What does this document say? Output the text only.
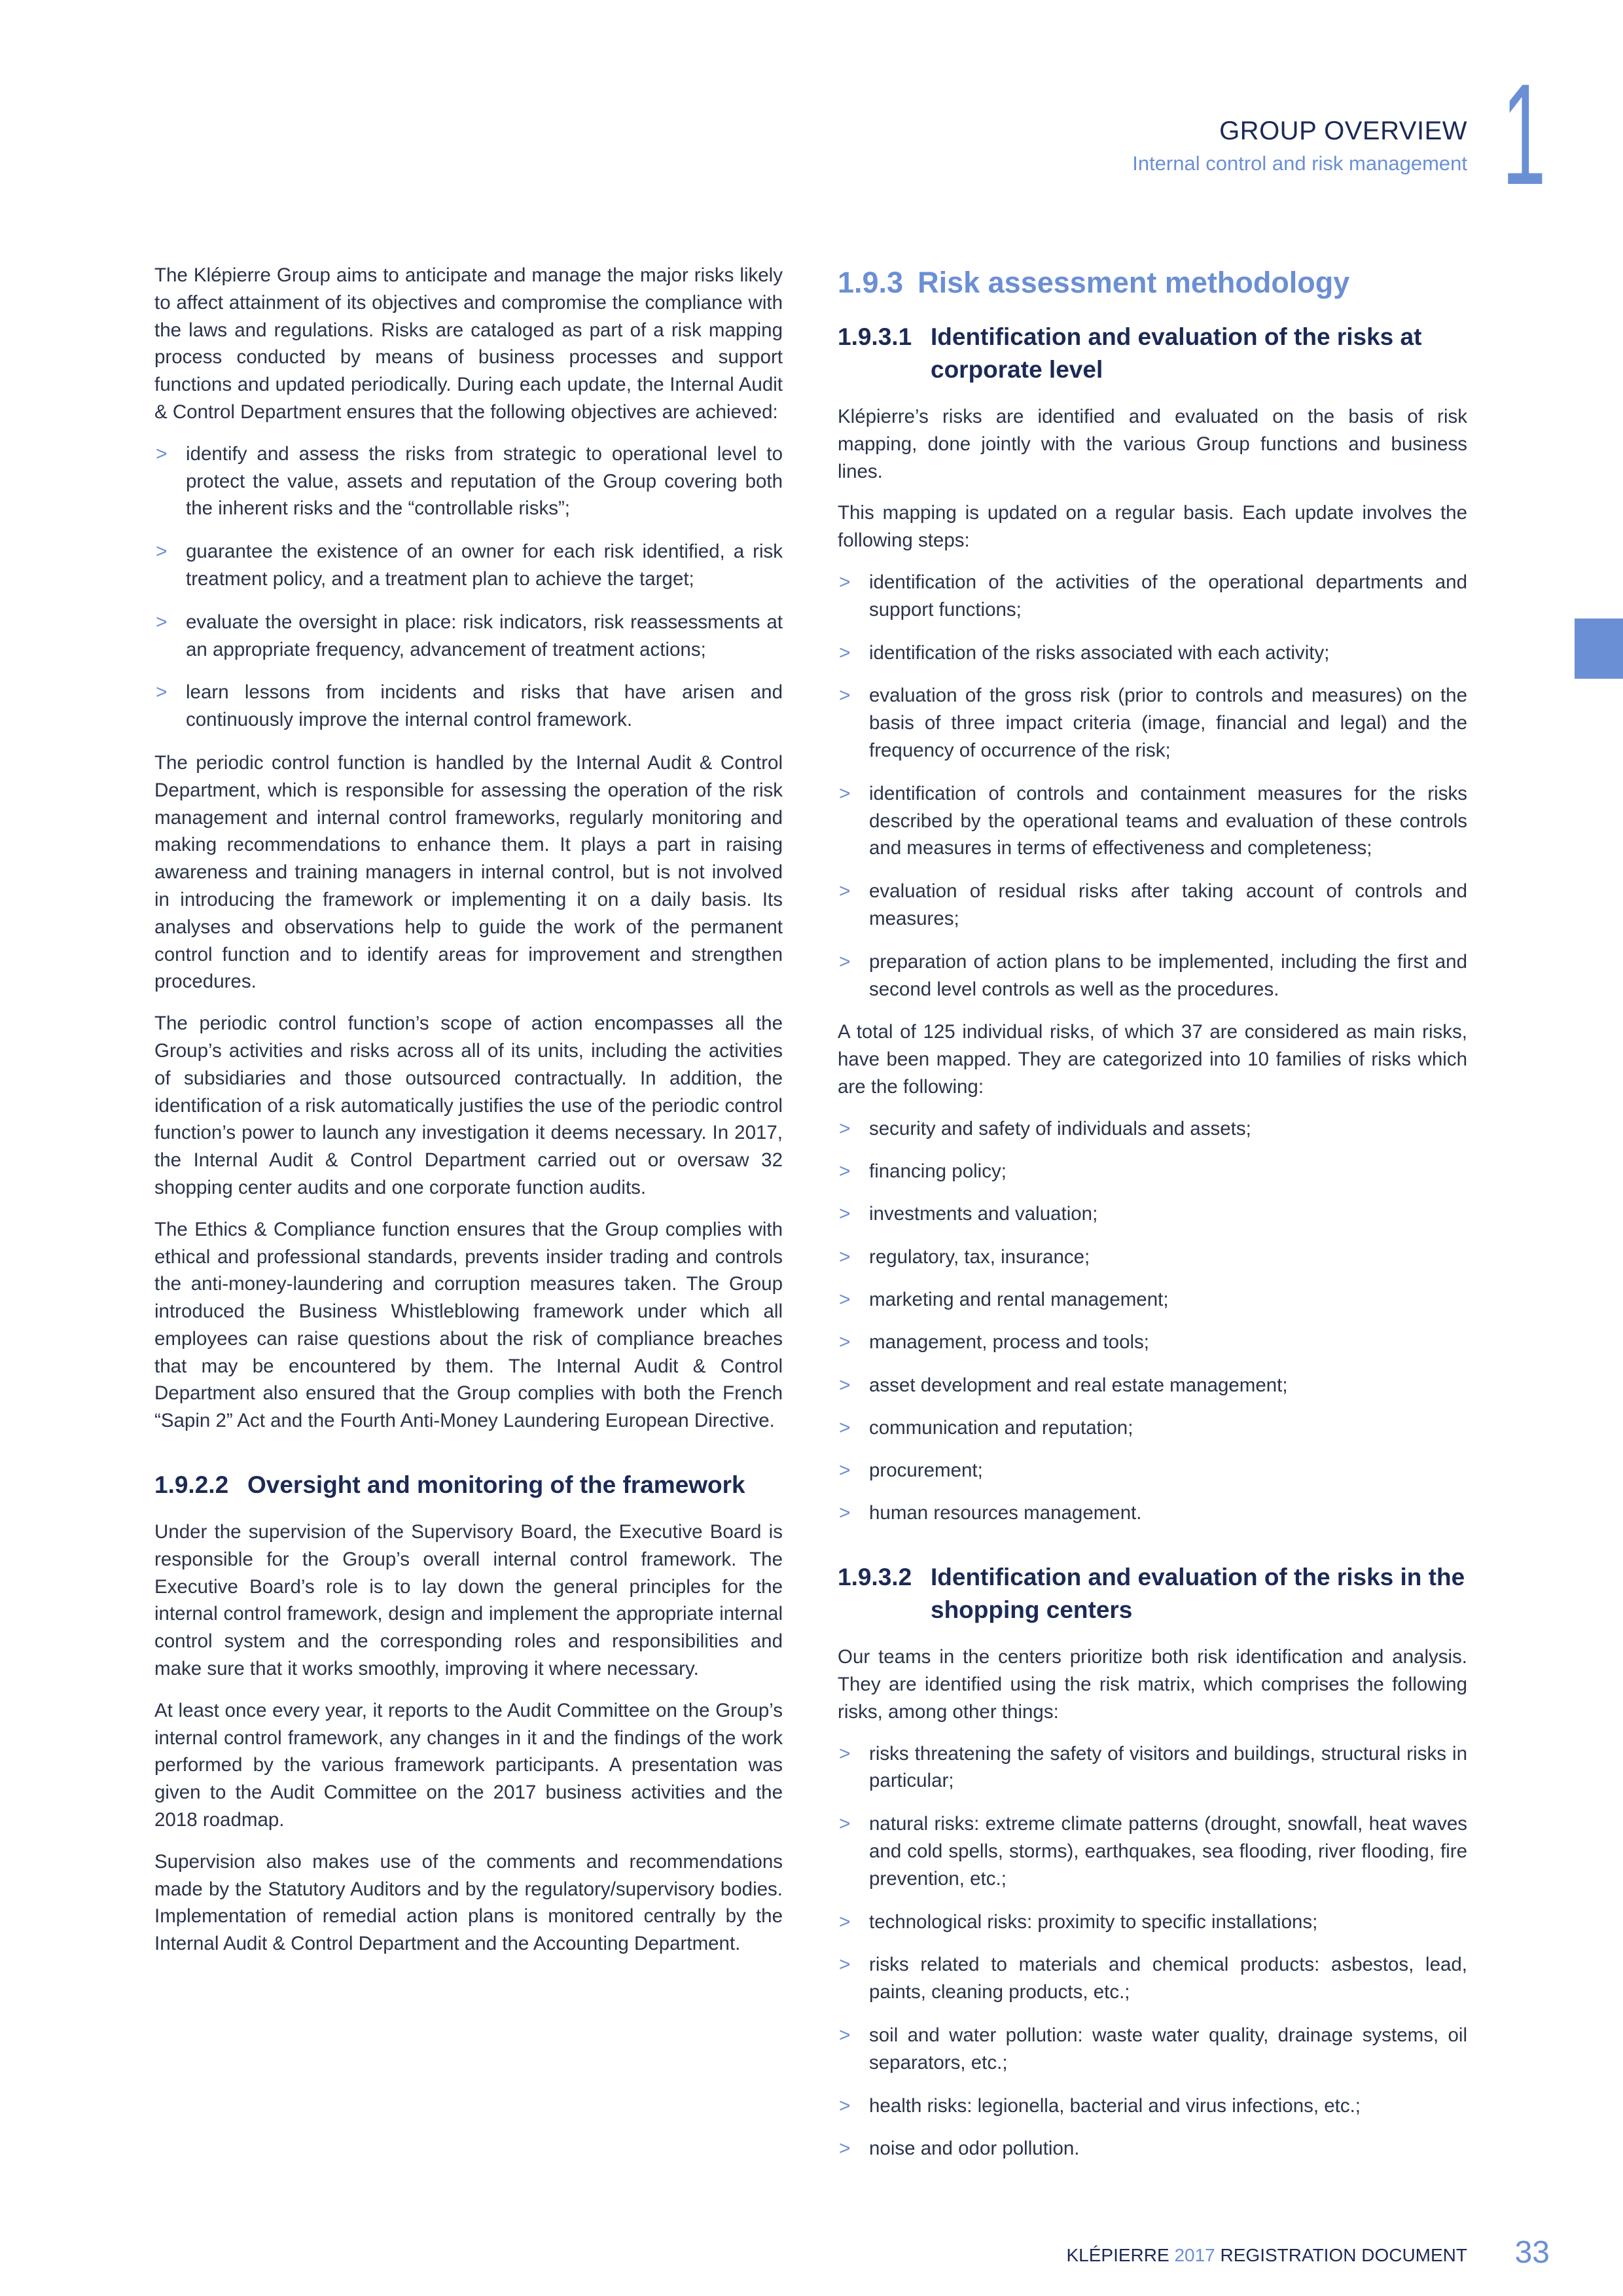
GROUP OVERVIEW
Internal control and risk management 1

The Klépierre Group aims to anticipate and manage the major risks likely to affect attainment of its objectives and compromise the compliance with the laws and regulations. Risks are cataloged as part of a risk mapping process conducted by means of business processes and support functions and updated periodically. During each update, the Internal Audit & Control Department ensures that the following objectives are achieved:

> identify and assess the risks from strategic to operational level to protect the value, assets and reputation of the Group covering both the inherent risks and the “controllable risks”;
> guarantee the existence of an owner for each risk identified, a risk treatment policy, and a treatment plan to achieve the target;
> evaluate the oversight in place: risk indicators, risk reassessments at an appropriate frequency, advancement of treatment actions;
> learn lessons from incidents and risks that have arisen and continuously improve the internal control framework.

The periodic control function is handled by the Internal Audit & Control Department, which is responsible for assessing the operation of the risk management and internal control frameworks, regularly monitoring and making recommendations to enhance them. It plays a part in raising awareness and training managers in internal control, but is not involved in introducing the framework or implementing it on a daily basis. Its analyses and observations help to guide the work of the permanent control function and to identify areas for improvement and strengthen procedures.

The periodic control function’s scope of action encompasses all the Group’s activities and risks across all of its units, including the activities of subsidiaries and those outsourced contractually. In addition, the identification of a risk automatically justifies the use of the periodic control function’s power to launch any investigation it deems necessary. In 2017, the Internal Audit & Control Department carried out or oversaw 32 shopping center audits and one corporate function audits.

The Ethics & Compliance function ensures that the Group complies with ethical and professional standards, prevents insider trading and controls the anti-money-laundering and corruption measures taken. The Group introduced the Business Whistleblowing framework under which all employees can raise questions about the risk of compliance breaches that may be encountered by them. The Internal Audit & Control Department also ensured that the Group complies with both the French “Sapin 2” Act and the Fourth Anti-Money Laundering European Directive.

1.9.2.2 Oversight and monitoring of the framework

Under the supervision of the Supervisory Board, the Executive Board is responsible for the Group’s overall internal control framework. The Executive Board’s role is to lay down the general principles for the internal control framework, design and implement the appropriate internal control system and the corresponding roles and responsibilities and make sure that it works smoothly, improving it where necessary.

At least once every year, it reports to the Audit Committee on the Group’s internal control framework, any changes in it and the findings of the work performed by the various framework participants. A presentation was given to the Audit Committee on the 2017 business activities and the 2018 roadmap.

Supervision also makes use of the comments and recommendations made by the Statutory Auditors and by the regulatory/supervisory bodies. Implementation of remedial action plans is monitored centrally by the Internal Audit & Control Department and the Accounting Department.

1.9.3 Risk assessment methodology
1.9.3.1 Identification and evaluation of the risks at corporate level

Klépierre’s risks are identified and evaluated on the basis of risk mapping, done jointly with the various Group functions and business lines.

This mapping is updated on a regular basis. Each update involves the following steps:

> identification of the activities of the operational departments and support functions;
> identification of the risks associated with each activity;
> evaluation of the gross risk (prior to controls and measures) on the basis of three impact criteria (image, financial and legal) and the frequency of occurrence of the risk;
> identification of controls and containment measures for the risks described by the operational teams and evaluation of these controls and measures in terms of effectiveness and completeness;
> evaluation of residual risks after taking account of controls and measures;
> preparation of action plans to be implemented, including the first and second level controls as well as the procedures.

A total of 125 individual risks, of which 37 are considered as main risks, have been mapped. They are categorized into 10 families of risks which are the following:

> security and safety of individuals and assets;
> financing policy;
> investments and valuation;
> regulatory, tax, insurance;
> marketing and rental management;
> management, process and tools;
> asset development and real estate management;
> communication and reputation;
> procurement;
> human resources management.
1.9.3.2 Identification and evaluation of the risks in the shopping centers

Our teams in the centers prioritize both risk identification and analysis. They are identified using the risk matrix, which comprises the following risks, among other things:

> risks threatening the safety of visitors and buildings, structural risks in particular;
> natural risks: extreme climate patterns (drought, snowfall, heat waves and cold spells, storms), earthquakes, sea flooding, river flooding, fire prevention, etc.;
> technological risks: proximity to specific installations;
> risks related to materials and chemical products: asbestos, lead, paints, cleaning products, etc.;
> soil and water pollution: waste water quality, drainage systems, oil separators, etc.;
> health risks: legionella, bacterial and virus infections, etc.;
> noise and odor pollution.
KLÉPIERRE 2017 REGISTRATION DOCUMENT 33
